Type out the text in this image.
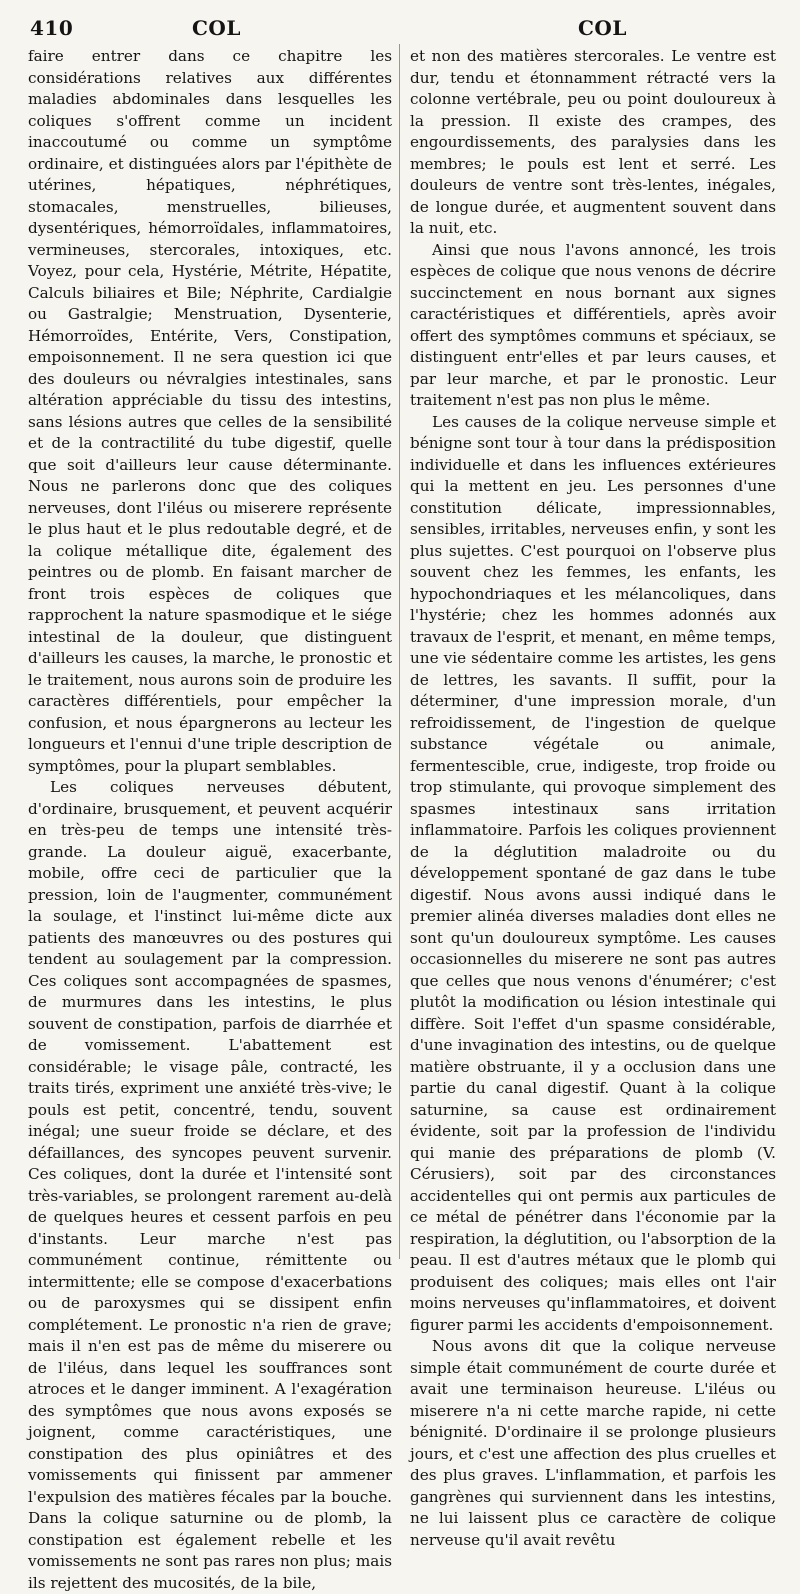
410	COL	COL

faire entrer dans ce chapitre les considérations relatives aux différentes maladies abdominales dans lesquelles les coliques s'offrent comme un incident inaccoutumé ou comme un symptôme ordinaire, et distinguées alors par l'épithète de utérines, hépatiques, néphrétiques, stomacales, menstruelles, bilieuses, dysentériques, hémorroïdales, inflammatoires, vermineuses, stercorales, intoxiques, etc. Voyez, pour cela, Hystérie, Métrite, Hépatite, Calculs biliaires et Bile; Néphrite, Cardialgie ou Gastralgie; Menstruation, Dysenterie, Hémorroïdes, Entérite, Vers, Constipation, empoisonnement. Il ne sera question ici que des douleurs ou névralgies intestinales, sans altération appréciable du tissu des intestins, sans lésions autres que celles de la sensibilité et de la contractilité du tube digestif, quelle que soit d'ailleurs leur cause déterminante. Nous ne parlerons donc que des coliques nerveuses, dont l'iléus ou miserere représente le plus haut et le plus redoutable degré, et de la colique métallique dite, également des peintres ou de plomb. En faisant marcher de front trois espèces de coliques que rapprochent la nature spasmodique et le siége intestinal de la douleur, que distinguent d'ailleurs les causes, la marche, le pronostic et le traitement, nous aurons soin de produire les caractères différentiels, pour empêcher la confusion, et nous épargnerons au lecteur les longueurs et l'ennui d'une triple description de symptômes, pour la plupart semblables.

Les coliques nerveuses débutent, d'ordinaire, brusquement, et peuvent acquérir en très-peu de temps une intensité très-grande. La douleur aiguë, exacerbante, mobile, offre ceci de particulier que la pression, loin de l'augmenter, communément la soulage, et l'instinct lui-même dicte aux patients des manœuvres ou des postures qui tendent au soulagement par la compression. Ces coliques sont accompagnées de spasmes, de murmures dans les intestins, le plus souvent de constipation, parfois de diarrhée et de vomissement. L'abattement est considérable; le visage pâle, contracté, les traits tirés, expriment une anxiété très-vive; le pouls est petit, concentré, tendu, souvent inégal; une sueur froide se déclare, et des défaillances, des syncopes peuvent survenir. Ces coliques, dont la durée et l'intensité sont très-variables, se prolongent rarement au-delà de quelques heures et cessent parfois en peu d'instants. Leur marche n'est pas communément continue, rémittente ou intermittente; elle se compose d'exacerbations ou de paroxysmes qui se dissipent enfin complétement. Le pronostic n'a rien de grave; mais il n'en est pas de même du miserere ou de l'iléus, dans lequel les souffrances sont atroces et le danger imminent. A l'exagération des symptômes que nous avons exposés se joignent, comme caractéristiques, une constipation des plus opiniâtres et des vomissements qui finissent par ammener l'expulsion des matières fécales par la bouche. Dans la colique saturnine ou de plomb, la constipation est également rebelle et les vomissements ne sont pas rares non plus; mais ils rejettent des mucosités, de la bile,

et non des matières stercorales. Le ventre est dur, tendu et étonnamment rétracté vers la colonne vertébrale, peu ou point douloureux à la pression. Il existe des crampes, des engourdissements, des paralysies dans les membres; le pouls est lent et serré. Les douleurs de ventre sont très-lentes, inégales, de longue durée, et augmentent souvent dans la nuit, etc.

Ainsi que nous l'avons annoncé, les trois espèces de colique que nous venons de décrire succinctement en nous bornant aux signes caractéristiques et différentiels, après avoir offert des symptômes communs et spéciaux, se distinguent entr'elles et par leurs causes, et par leur marche, et par le pronostic. Leur traitement n'est pas non plus le même.

Les causes de la colique nerveuse simple et bénigne sont tour à tour dans la prédisposition individuelle et dans les influences extérieures qui la mettent en jeu. Les personnes d'une constitution délicate, impressionnables, sensibles, irritables, nerveuses enfin, y sont les plus sujettes. C'est pourquoi on l'observe plus souvent chez les femmes, les enfants, les hypochondriaques et les mélancoliques, dans l'hystérie; chez les hommes adonnés aux travaux de l'esprit, et menant, en même temps, une vie sédentaire comme les artistes, les gens de lettres, les savants. Il suffit, pour la déterminer, d'une impression morale, d'un refroidissement, de l'ingestion de quelque substance végétale ou animale, fermentescible, crue, indigeste, trop froide ou trop stimulante, qui provoque simplement des spasmes intestinaux sans irritation inflammatoire. Parfois les coliques proviennent de la déglutition maladroite ou du développement spontané de gaz dans le tube digestif. Nous avons aussi indiqué dans le premier alinéa diverses maladies dont elles ne sont qu'un douloureux symptôme. Les causes occasionnelles du miserere ne sont pas autres que celles que nous venons d'énumérer; c'est plutôt la modification ou lésion intestinale qui diffère. Soit l'effet d'un spasme considérable, d'une invagination des intestins, ou de quelque matière obstruante, il y a occlusion dans une partie du canal digestif. Quant à la colique saturnine, sa cause est ordinairement évidente, soit par la profession de l'individu qui manie des préparations de plomb (V. Cérusiers), soit par des circonstances accidentelles qui ont permis aux particules de ce métal de pénétrer dans l'économie par la respiration, la déglutition, ou l'absorption de la peau. Il est d'autres métaux que le plomb qui produisent des coliques; mais elles ont l'air moins nerveuses qu'inflammatoires, et doivent figurer parmi les accidents d'empoisonnement.

Nous avons dit que la colique nerveuse simple était communément de courte durée et avait une terminaison heureuse. L'iléus ou miserere n'a ni cette marche rapide, ni cette bénignité. D'ordinaire il se prolonge plusieurs jours, et c'est une affection des plus cruelles et des plus graves. L'inflammation, et parfois les gangrènes qui surviennent dans les intestins, ne lui laissent plus ce caractère de colique nerveuse qu'il avait revêtu
